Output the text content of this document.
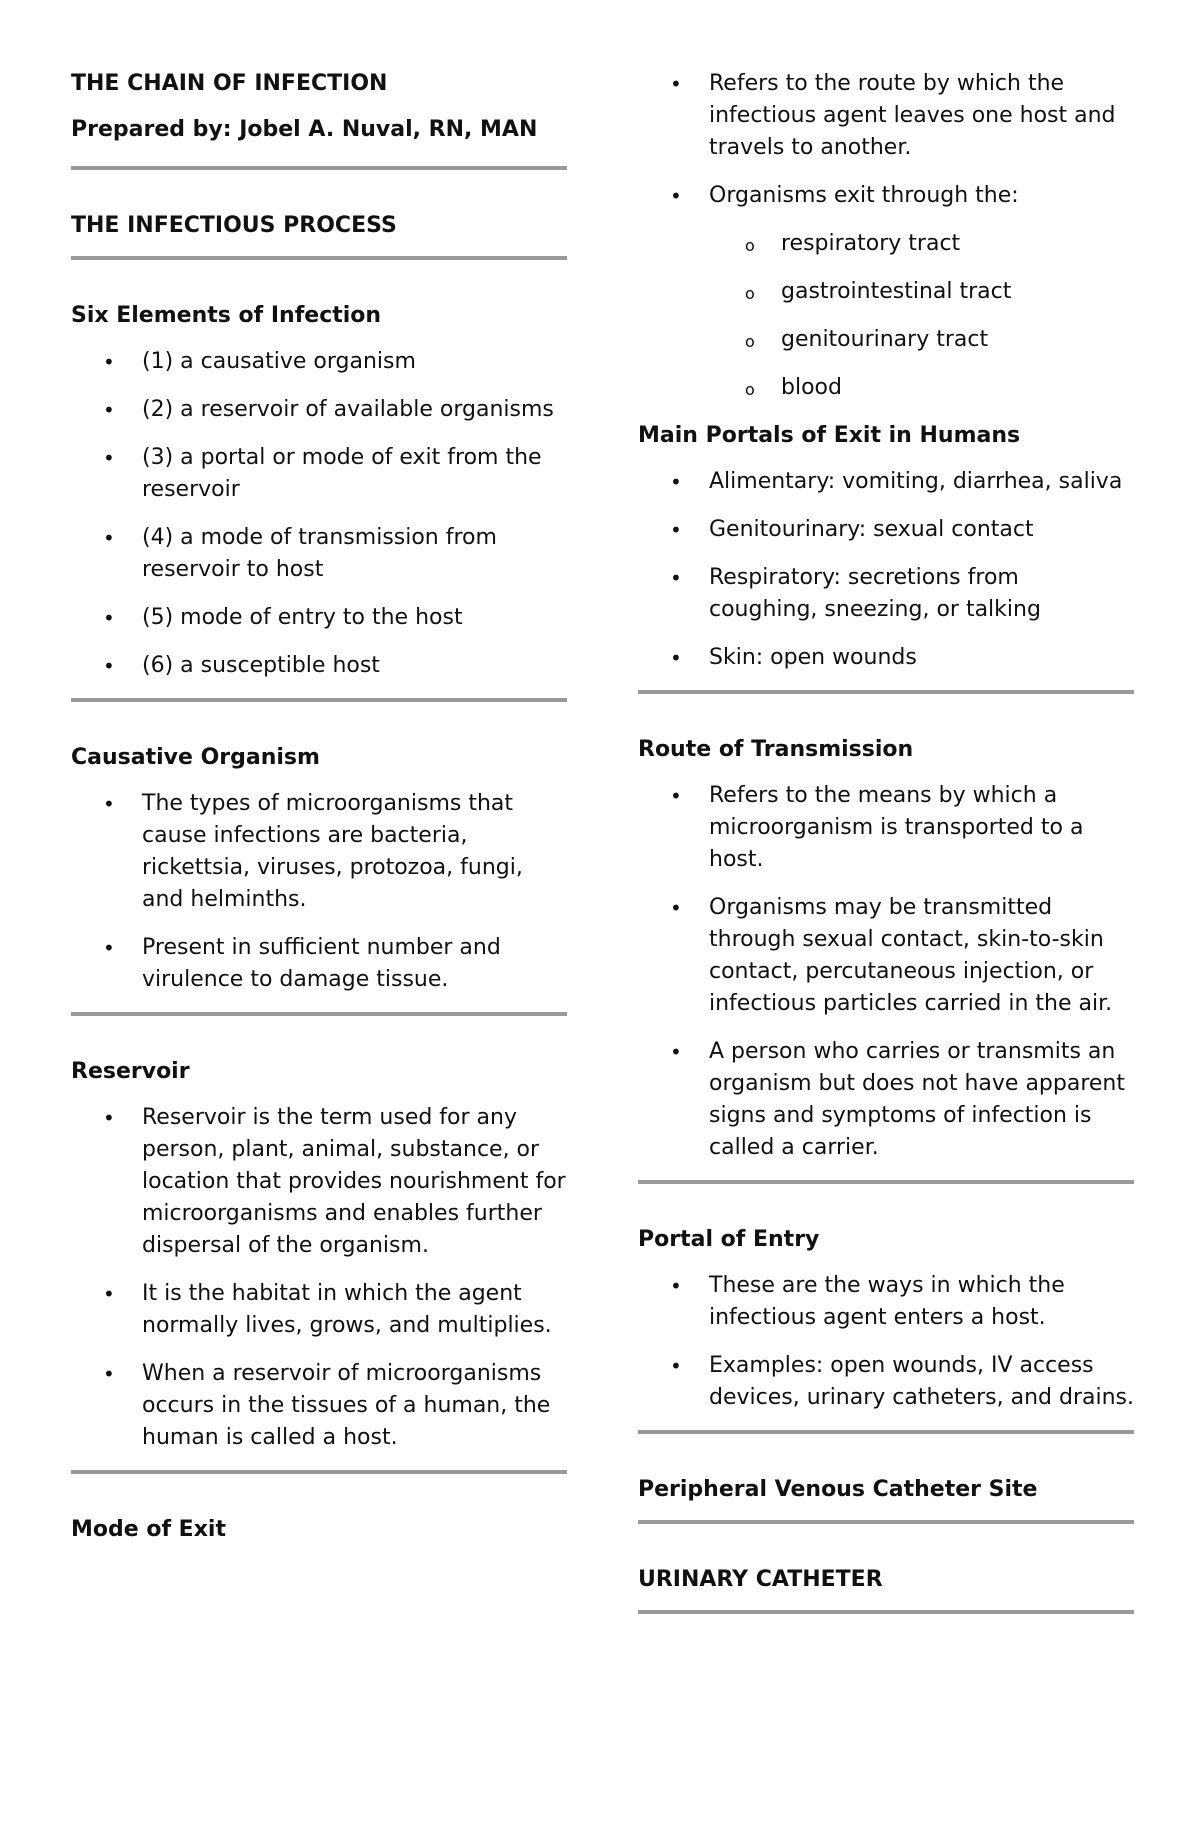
THE CHAIN OF INFECTION
Prepared by: Jobel A. Nuval, RN, MAN
THE INFECTIOUS PROCESS
Six Elements of Infection
• (1) a causative organism
• (2) a reservoir of available organisms
• (3) a portal or mode of exit from the reservoir
• (4) a mode of transmission from reservoir to host
• (5) mode of entry to the host
• (6) a susceptible host
Causative Organism
• The types of microorganisms that cause infections are bacteria, rickettsia, viruses, protozoa, fungi, and helminths.
• Present in sufficient number and virulence to damage tissue.
Reservoir
• Reservoir is the term used for any person, plant, animal, substance, or location that provides nourishment for microorganisms and enables further dispersal of the organism.
• It is the habitat in which the agent normally lives, grows, and multiplies.
• When a reservoir of microorganisms occurs in the tissues of a human, the human is called a host.
Mode of Exit
• Refers to the route by which the infectious agent leaves one host and travels to another.
• Organisms exit through the:
o respiratory tract
o gastrointestinal tract
o genitourinary tract
o blood
Main Portals of Exit in Humans
• Alimentary: vomiting, diarrhea, saliva
• Genitourinary: sexual contact
• Respiratory: secretions from coughing, sneezing, or talking
• Skin: open wounds
Route of Transmission
• Refers to the means by which a microorganism is transported to a host.
• Organisms may be transmitted through sexual contact, skin-to-skin contact, percutaneous injection, or infectious particles carried in the air.
• A person who carries or transmits an organism but does not have apparent signs and symptoms of infection is called a carrier.
Portal of Entry
• These are the ways in which the infectious agent enters a host.
• Examples: open wounds, IV access devices, urinary catheters, and drains.
Peripheral Venous Catheter Site
URINARY CATHETER
